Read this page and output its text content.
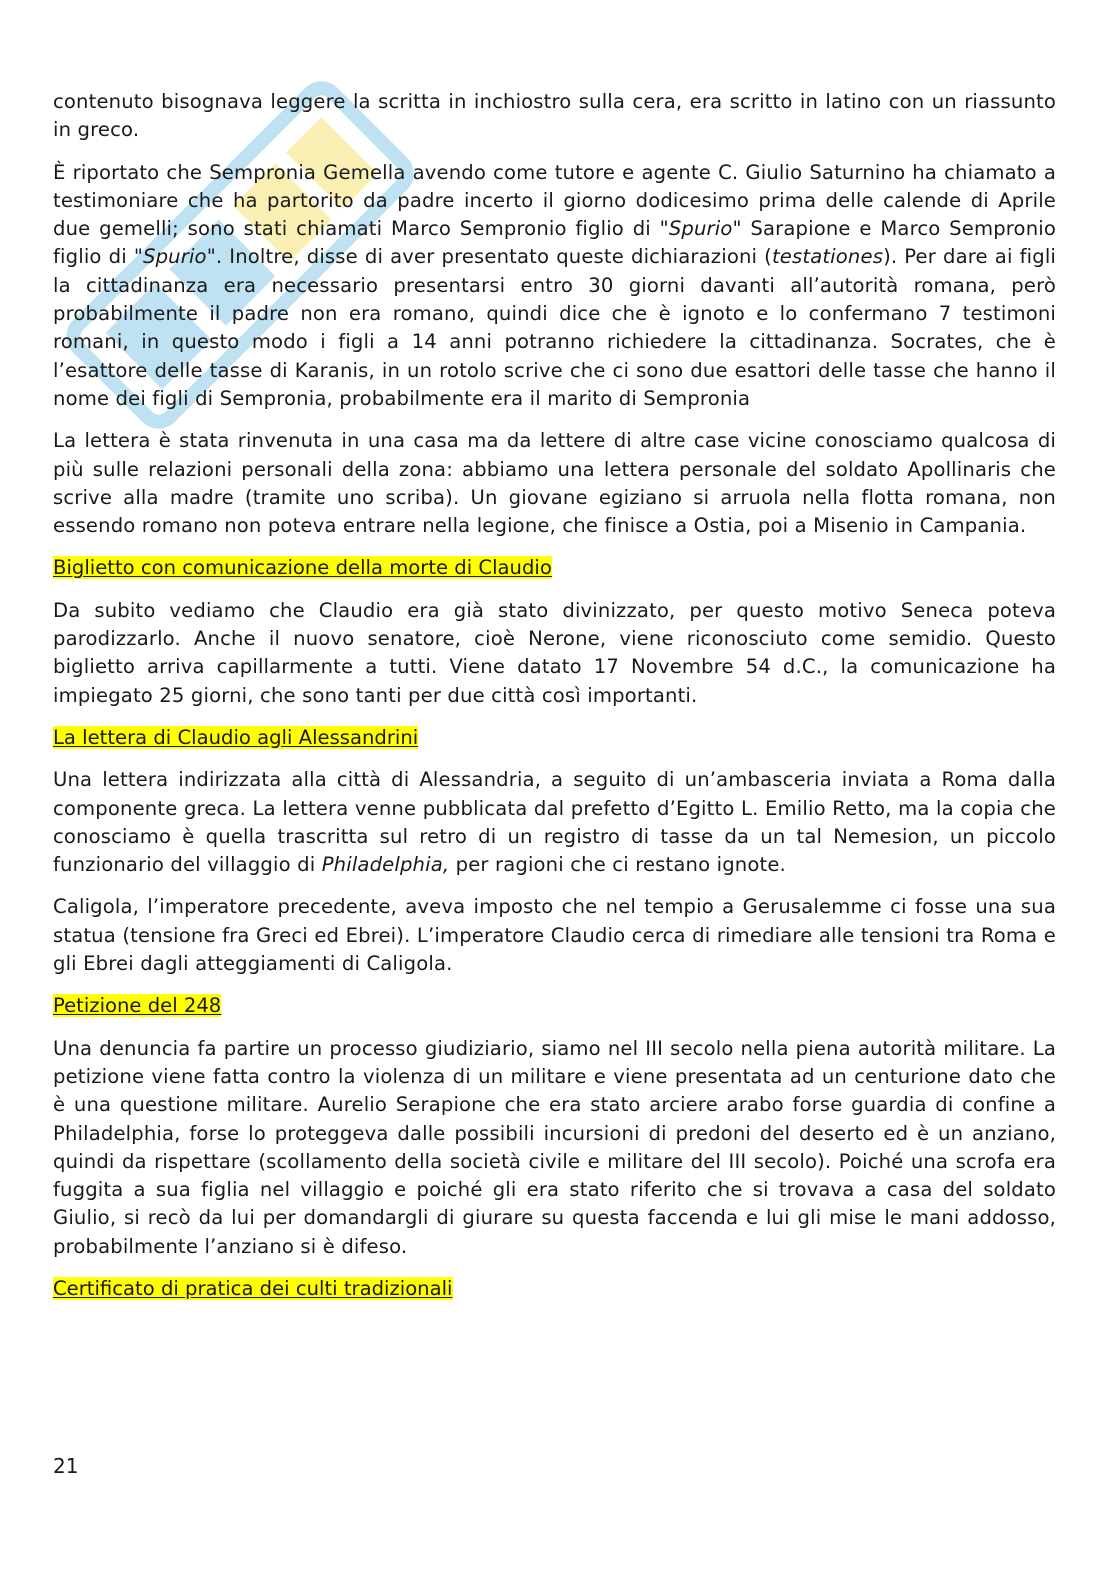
contenuto bisognava leggere la scritta in inchiostro sulla cera, era scritto in latino con un riassunto in greco.

È riportato che Sempronia Gemella avendo come tutore e agente C. Giulio Saturnino ha chiamato a testimoniare che ha partorito da padre incerto il giorno dodicesimo prima delle calende di Aprile due gemelli; sono stati chiamati Marco Sempronio figlio di "Spurio" Sarapione e Marco Sempronio figlio di "Spurio". Inoltre, disse di aver presentato queste dichiarazioni (testationes). Per dare ai figli la cittadinanza era necessario presentarsi entro 30 giorni davanti all’autorità romana, però probabilmente il padre non era romano, quindi dice che è ignoto e lo confermano 7 testimoni romani, in questo modo i figli a 14 anni potranno richiedere la cittadinanza. Socrates, che è l’esattore delle tasse di Karanis, in un rotolo scrive che ci sono due esattori delle tasse che hanno il nome dei figli di Sempronia, probabilmente era il marito di Sempronia

La lettera è stata rinvenuta in una casa ma da lettere di altre case vicine conosciamo qualcosa di più sulle relazioni personali della zona: abbiamo una lettera personale del soldato Apollinaris che scrive alla madre (tramite uno scriba). Un giovane egiziano si arruola nella flotta romana, non essendo romano non poteva entrare nella legione, che finisce a Ostia, poi a Misenio in Campania.

Biglietto con comunicazione della morte di Claudio

Da subito vediamo che Claudio era già stato divinizzato, per questo motivo Seneca poteva parodizzarlo. Anche il nuovo senatore, cioè Nerone, viene riconosciuto come semidio. Questo biglietto arriva capillarmente a tutti. Viene datato 17 Novembre 54 d.C., la comunicazione ha impiegato 25 giorni, che sono tanti per due città così importanti.

La lettera di Claudio agli Alessandrini

Una lettera indirizzata alla città di Alessandria, a seguito di un’ambasceria inviata a Roma dalla componente greca. La lettera venne pubblicata dal prefetto d’Egitto L. Emilio Retto, ma la copia che conosciamo è quella trascritta sul retro di un registro di tasse da un tal Nemesion, un piccolo funzionario del villaggio di Philadelphia, per ragioni che ci restano ignote.

Caligola, l’imperatore precedente, aveva imposto che nel tempio a Gerusalemme ci fosse una sua statua (tensione fra Greci ed Ebrei). L’imperatore Claudio cerca di rimediare alle tensioni tra Roma e gli Ebrei dagli atteggiamenti di Caligola.

Petizione del 248

Una denuncia fa partire un processo giudiziario, siamo nel III secolo nella piena autorità militare. La petizione viene fatta contro la violenza di un militare e viene presentata ad un centurione dato che è una questione militare. Aurelio Serapione che era stato arciere arabo forse guardia di confine a Philadelphia, forse lo proteggeva dalle possibili incursioni di predoni del deserto ed è un anziano, quindi da rispettare (scollamento della società civile e militare del III secolo). Poiché una scrofa era fuggita a sua figlia nel villaggio e poiché gli era stato riferito che si trovava a casa del soldato Giulio, si recò da lui per domandargli di giurare su questa faccenda e lui gli mise le mani addosso, probabilmente l’anziano si è difeso.

Certificato di pratica dei culti tradizionali
21
